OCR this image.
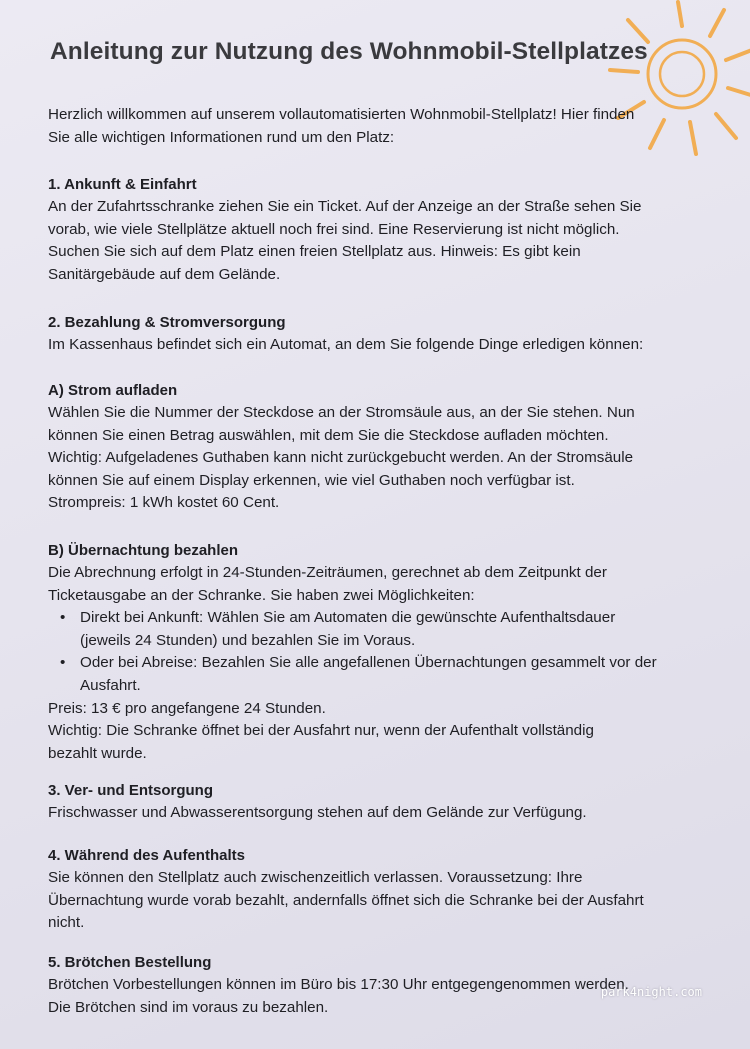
Anleitung zur Nutzung des Wohnmobil-Stellplatzes
Herzlich willkommen auf unserem vollautomatisierten Wohnmobil-Stellplatz! Hier finden
Sie alle wichtigen Informationen rund um den Platz:

1. Ankunft & Einfahrt

An der Zufahrtsschranke ziehen Sie ein Ticket. Auf der Anzeige an der Straße sehen Sie

vorab, wie viele Stellplätze aktuell noch frei sind. Eine Reservierung ist nicht möglich.

Suchen Sie sich auf dem Platz einen freien Stellplatz aus. Hinweis: Es gibt kein

Sanitärgebäude auf dem Gelände.

2. Bezahlung & Stromversorgung

Im Kassenhaus befindet sich ein Automat, an dem Sie folgende Dinge erledigen können:

A) Strom aufladen

Wählen Sie die Nummer der Steckdose an der Stromsäule aus, an der Sie stehen. Nun

können Sie einen Betrag auswählen, mit dem Sie die Steckdose aufladen möchten.

Wichtig: Aufgeladenes Guthaben kann nicht zurückgebucht werden. An der Stromsäule

können Sie auf einem Display erkennen, wie viel Guthaben noch verfügbar ist.

Strompreis: 1 kWh kostet 60 Cent.

B) Übernachtung bezahlen

Die Abrechnung erfolgt in 24-Stunden-Zeiträumen, gerechnet ab dem Zeitpunkt der

Ticketausgabe an der Schranke. Sie haben zwei Möglichkeiten:

• Direkt bei Ankunft: Wählen Sie am Automaten die gewünschte Aufenthaltsdauer
(jeweils 24 Stunden) und bezahlen Sie im Voraus.
• Oder bei Abreise: Bezahlen Sie alle angefallenen Übernachtungen gesammelt vor der
Ausfahrt.

Preis: 13 € pro angefangene 24 Stunden.

Wichtig: Die Schranke öffnet bei der Ausfahrt nur, wenn der Aufenthalt vollständig

bezahlt wurde.

3. Ver- und Entsorgung

Frischwasser und Abwasserentsorgung stehen auf dem Gelände zur Verfügung.

4. Während des Aufenthalts

Sie können den Stellplatz auch zwischenzeitlich verlassen. Voraussetzung: Ihre

Übernachtung wurde vorab bezahlt, andernfalls öffnet sich die Schranke bei der Ausfahrt

nicht.

5. Brötchen Bestellung

Brötchen Vorbestellungen können im Büro bis 17:30 Uhr entgegengenommen werden.

Die Brötchen sind im voraus zu bezahlen.

park4night.com
